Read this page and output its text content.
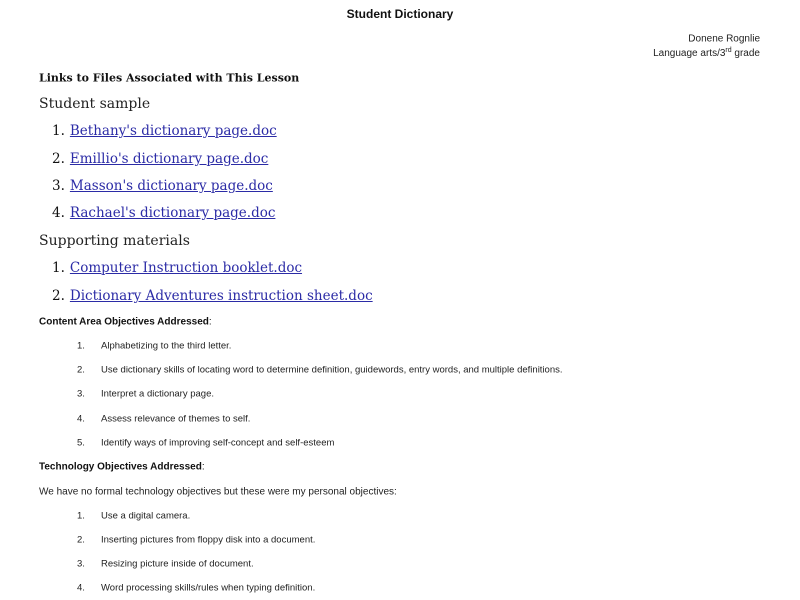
Student Dictionary
Donene Rognlie
Language arts/3rd grade
Links to Files Associated with This Lesson
Student sample
1. Bethany's dictionary page.doc
2. Emillio's dictionary page.doc
3. Masson's dictionary page.doc
4. Rachael's dictionary page.doc
Supporting materials
1. Computer Instruction booklet.doc
2. Dictionary Adventures instruction sheet.doc
Content Area Objectives Addressed:
1. Alphabetizing to the third letter.
2. Use dictionary skills of locating word to determine definition, guidewords, entry words, and multiple definitions.
3. Interpret a dictionary page.
4. Assess relevance of themes to self.
5. Identify ways of improving self-concept and self-esteem
Technology Objectives Addressed:
We have no formal technology objectives but these were my personal objectives:
1. Use a digital camera.
2. Inserting pictures from floppy disk into a document.
3. Resizing picture inside of document.
4. Word processing skills/rules when typing definition.
